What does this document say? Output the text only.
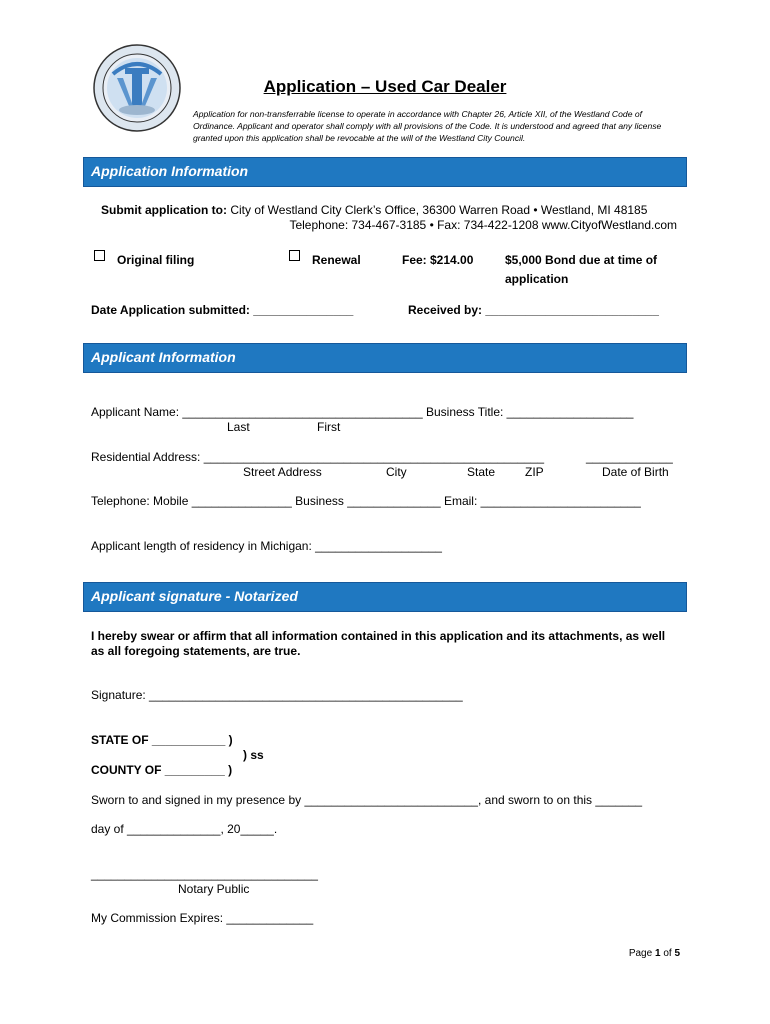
Application – Used Car Dealer
Application for non-transferrable license to operate in accordance with Chapter 26, Article XII, of the Westland Code of Ordinance. Applicant and operator shall comply with all provisions of the Code. It is understood and agreed that any license granted upon this application shall be revocable at the will of the Westland City Council.
Application Information
Submit application to: City of Westland City Clerk’s Office, 36300 Warren Road • Westland, MI 48185
Telephone: 734-467-3185 • Fax: 734-422-1208 www.CityofWestland.com
Original filing	Renewal	Fee: $214.00	$5,000 Bond due at time of
application
Date Application submitted: _______________	Received by: __________________________
Applicant Information
Applicant Name: ____________________________________ Business Title: ___________________
Last	First
Residential Address: ___________________________________________________	_____________
Street Address	City	State ZIP	Date of Birth
Telephone: Mobile _______________ Business ______________ Email: ________________________
Applicant length of residency in Michigan: ___________________
Applicant signature - Notarized
I hereby swear or affirm that all information contained in this application and its attachments, as well as all foregoing statements, are true.
Signature: _______________________________________________
STATE OF ___________ )
) ss
COUNTY OF _________ )
Sworn to and signed in my presence by __________________________, and sworn to on this _______
day of ______________, 20_____.
__________________________________
Notary Public
My Commission Expires: _____________
Page 1 of 5
